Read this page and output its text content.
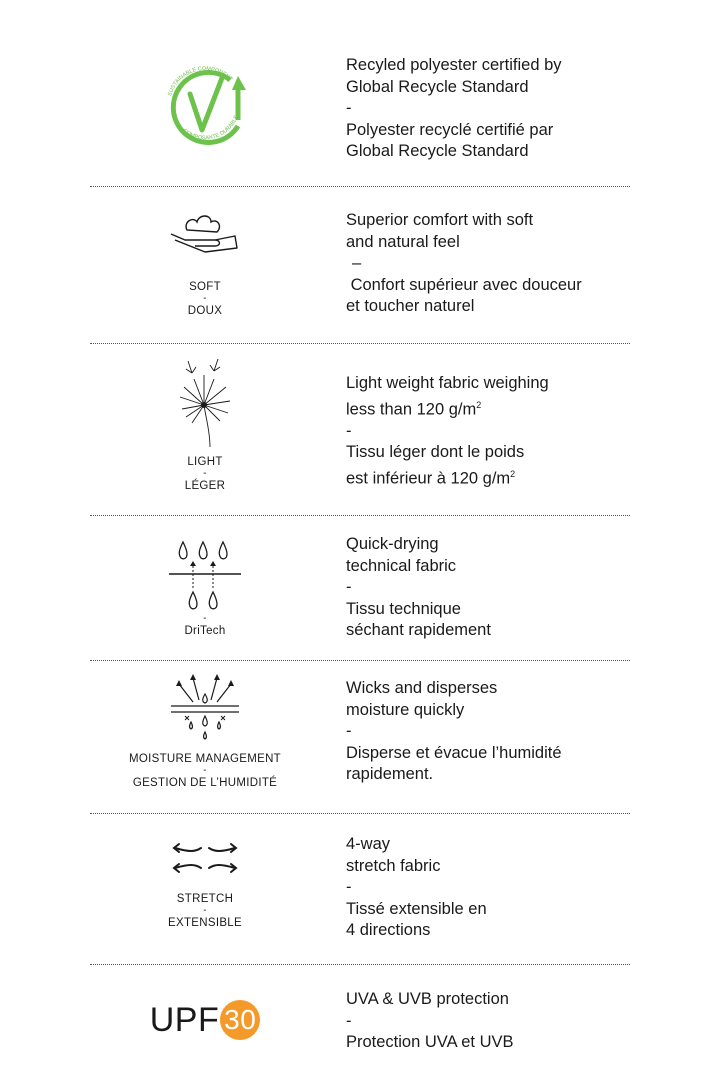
SUSTAINABLE COMPONENT
COMPOSANTE DURABLE

Recyled polyester certified by

Global Recycle Standard

-

Polyester recyclé certifié par

Global Recycle Standard

SOFT
-
DOUX

Superior comfort with soft

and natural feel

–

Confort supérieur avec douceur

et toucher naturel

LIGHT
-
LÉGER

Light weight fabric weighing

less than 120 $g/m^2$

-

Tissu léger dont le poids

est inférieur à 120 $g/m^2$

-
DriTech

Quick-drying

technical fabric

-

Tissu technique

séchant rapidement

MOISTURE MANAGEMENT
-
GESTION DE L’HUMIDITÉ

Wicks and disperses

moisture quickly

-

Disperse et évacue l’humidité

rapidement.

STRETCH
-
EXTENSIBLE

4-way

stretch fabric

-

Tissé extensible en

4 directions

UPF 30

UVA & UVB protection

-

Protection UVA et UVB
